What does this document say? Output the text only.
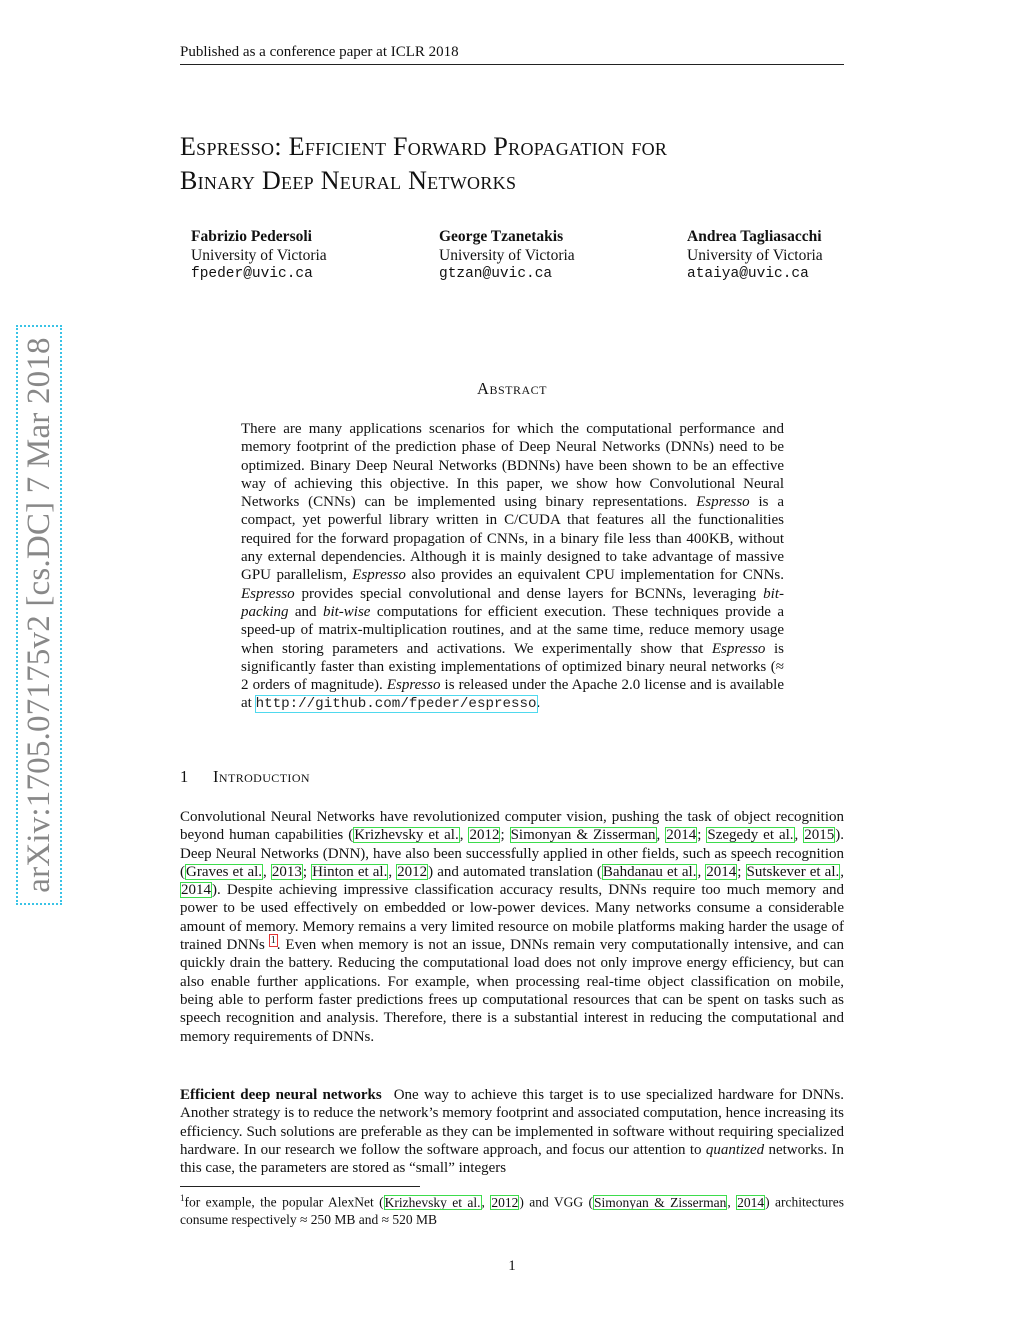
Published as a conference paper at ICLR 2018
Espresso: Efficient Forward Propagation for
Binary Deep Neural Networks
Fabrizio Pedersoli
University of Victoria
fpeder@uvic.ca
George Tzanetakis
University of Victoria
gtzan@uvic.ca
Andrea Tagliasacchi
University of Victoria
ataiya@uvic.ca
arXiv:1705.07175v2 [cs.DC] 7 Mar 2018	Abstract

There are many applications scenarios for which the computational performance and memory footprint of the prediction phase of Deep Neural Networks (DNNs) need to be optimized. Binary Deep Neural Networks (BDNNs) have been shown to be an effective way of achieving this objective. In this paper, we show how Convolutional Neural Networks (CNNs) can be implemented using binary representations. Espresso is a compact, yet powerful library written in C/CUDA that features all the functionalities required for the forward propagation of CNNs, in a binary file less than 400KB, without any external dependencies. Although it is mainly designed to take advantage of massive GPU parallelism, Espresso also provides an equivalent CPU implementation for CNNs. Espresso provides special convolutional and dense layers for BCNNs, leveraging bit-packing and bit-wise computations for efficient execution. These techniques provide a speed-up of matrix-multiplication routines, and at the same time, reduce memory usage when storing parameters and activations. We experimentally show that Espresso is significantly faster than existing implementations of optimized binary neural networks (≈ 2 orders of magnitude). Espresso is released under the Apache 2.0 license and is available at http://github.com/fpeder/espresso.

1 Introduction

Convolutional Neural Networks have revolutionized computer vision, pushing the task of object recognition beyond human capabilities (Krizhevsky et al., 2012; Simonyan & Zisserman, 2014; Szegedy et al., 2015). Deep Neural Networks (DNN), have also been successfully applied in other fields, such as speech recognition (Graves et al., 2013; Hinton et al., 2012) and automated translation (Bahdanau et al., 2014; Sutskever et al., 2014). Despite achieving impressive classification accuracy results, DNNs require too much memory and power to be used effectively on embedded or low-power devices. Many networks consume a considerable amount of memory. Memory remains a very limited resource on mobile platforms making harder the usage of trained DNNs $^1$. Even when memory is not an issue, DNNs remain very computationally intensive, and can quickly drain the battery. Reducing the computational load does not only improve energy efficiency, but can also enable further applications. For example, when processing real-time object classification on mobile, being able to perform faster predictions frees up computational resources that can be spent on tasks such as speech recognition and analysis. Therefore, there is a substantial interest in reducing the computational and memory requirements of DNNs.

Efficient deep neural networks One way to achieve this target is to use specialized hardware for DNNs. Another strategy is to reduce the network’s memory footprint and associated computation, hence increasing its efficiency. Such solutions are preferable as they can be implemented in software without requiring specialized hardware. In our research we follow the software approach, and focus our attention to quantized networks. In this case, the parameters are stored as “small” integers

$^1$for example, the popular AlexNet (Krizhevsky et al., 2012) and VGG (Simonyan & Zisserman, 2014) architectures consume respectively ≈ 250 MB and ≈ 520 MB

1
